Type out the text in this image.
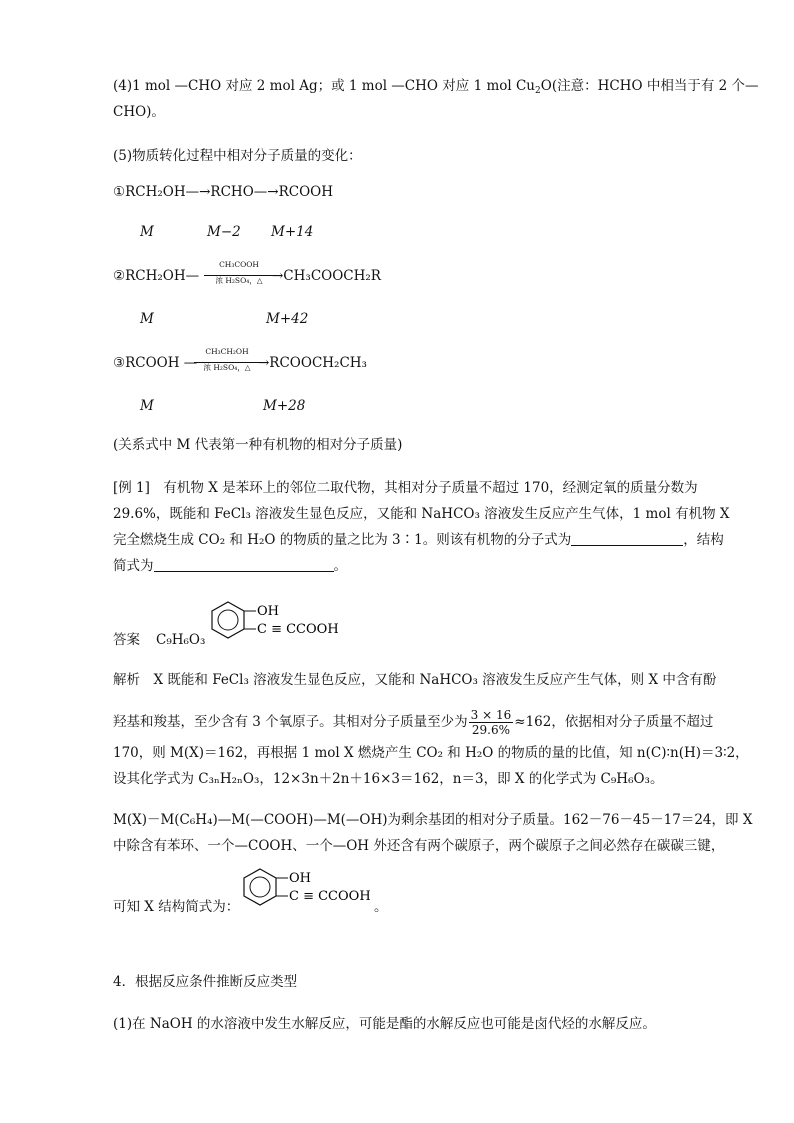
(4)1 mol —CHO 对应 2 mol Ag；或 1 mol —CHO 对应 1 mol $Cu_2O$(注意：HCHO 中相当于有 2 个—
CHO)。
(5)物质转化过程中相对分子质量的变化：
①RCH₂OH—→RCHO—→RCOOH
M	M−2 M+14
②RCH₂OH—
CH₃COOH
浓 H₂SO₄，△ →CH₃COOCH₂R
M	M+42
③RCOOH —
CH₃CH₂OH
浓 H₂SO₄，△ →RCOOCH₂CH₃
M	M+28
(关系式中 M 代表第一种有机物的相对分子质量)
[例 1]　有机物 X 是苯环上的邻位二取代物，其相对分子质量不超过 170，经测定氧的质量分数为
29.6%，既能和 FeCl₃ 溶液发生显色反应，又能和 NaHCO₃ 溶液发生反应产生气体，1 mol 有机物 X
完全燃烧生成 CO₂ 和 H₂O 的物质的量之比为 3∶1。则该有机物的分子式为	，结构
简式为	。
答案 C₉H₆O₃
OH
C ≡ CCOOH
解析　X 既能和 FeCl₃ 溶液发生显色反应，又能和 NaHCO₃ 溶液发生反应产生气体，则 X 中含有酚
羟基和羧基，至少含有 3 个氧原子。其相对分子质量至少为 $\frac{3 \times 16}{29.6\%} \approx 162$，依据相对分子质量不超过
170，则 M(X)＝162，再根据 1 mol X 燃烧产生 CO₂ 和 H₂O 的物质的量的比值，知 n(C)∶n(H)＝3∶2，
设其化学式为 C₃ₙH₂ₙO₃，12×3n＋2n＋16×3＝162，n＝3，即 X 的化学式为 C₉H₆O₃。
M(X)－M(C₆H₄)—M(—COOH)—M(—OH)为剩余基团的相对分子质量。162－76－45－17＝24，即 X
中除含有苯环、一个—COOH、一个—OH 外还含有两个碳原子，两个碳原子之间必然存在碳碳三键，
可知 X 结构简式为：
OH
C ≡ CCOOH
。
4．根据反应条件推断反应类型
(1)在 NaOH 的水溶液中发生水解反应，可能是酯的水解反应也可能是卤代烃的水解反应。
